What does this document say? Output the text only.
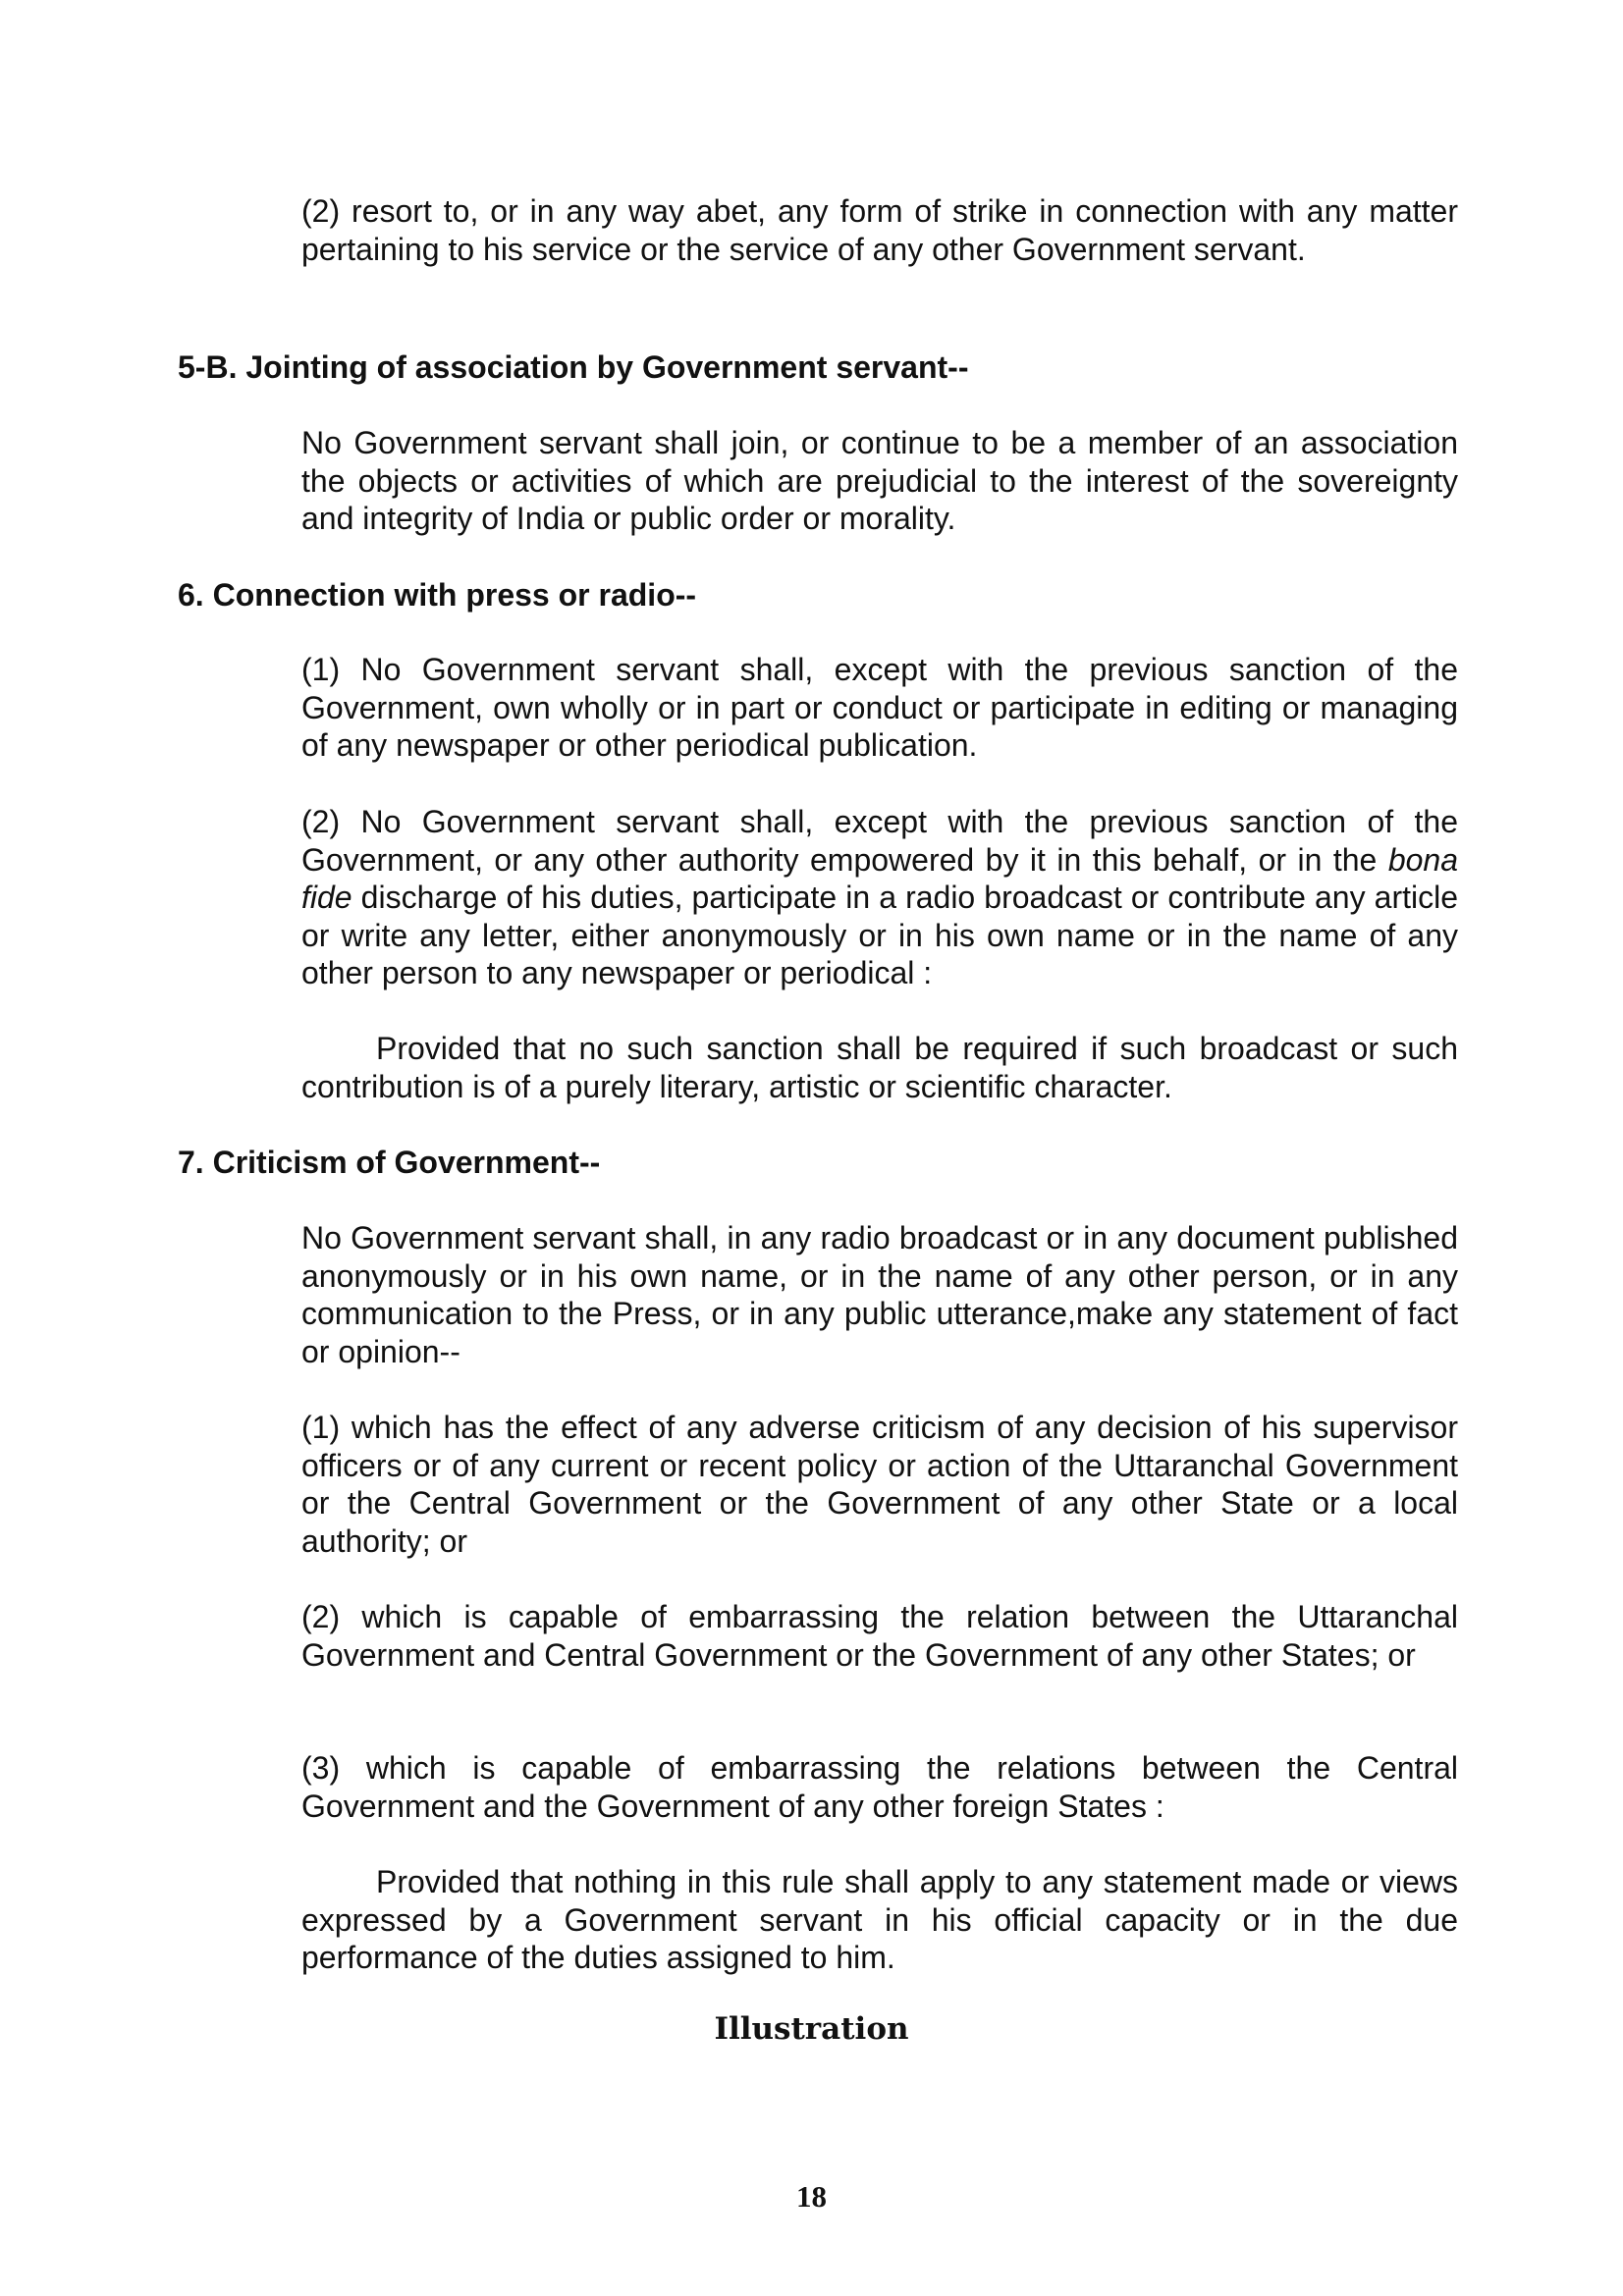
(2) resort to, or in any way abet, any form of strike in connection with any matter pertaining to his service or the service of any other Government servant.

5-B. Jointing of association by Government servant--

No Government servant shall join, or continue to be a member of an association the objects or activities of which are prejudicial to the interest of the sovereignty and integrity of India or public order or morality.

6. Connection with press or radio--

(1) No Government servant shall, except with the previous sanction of the Government, own wholly or in part or conduct or participate in editing or managing of any newspaper or other periodical publication.

(2) No Government servant shall, except with the previous sanction of the Government, or any other authority empowered by it in this behalf, or in the bona fide discharge of his duties, participate in a radio broadcast or contribute any article or write any letter, either anonymously or in his own name or in the name of any other person to any newspaper or periodical :

Provided that no such sanction shall be required if such broadcast or such contribution is of a purely literary, artistic or scientific character.

7. Criticism of Government--

No Government servant shall, in any radio broadcast or in any document published anonymously or in his own name, or in the name of any other person, or in any communication to the Press, or in any public utterance,make any statement of fact or opinion--

(1) which has the effect of any adverse criticism of any decision of his supervisor officers or of any current or recent policy or action of the Uttaranchal Government or the Central Government or the Government of any other State or a local authority; or

(2) which is capable of embarrassing the relation between the Uttaranchal Government and Central Government or the Government of any other States; or

(3) which is capable of embarrassing the relations between the Central Government and the Government of any other foreign States :

Provided that nothing in this rule shall apply to any statement made or views expressed by a Government servant in his official capacity or in the due performance of the duties assigned to him.

Illustration
18
